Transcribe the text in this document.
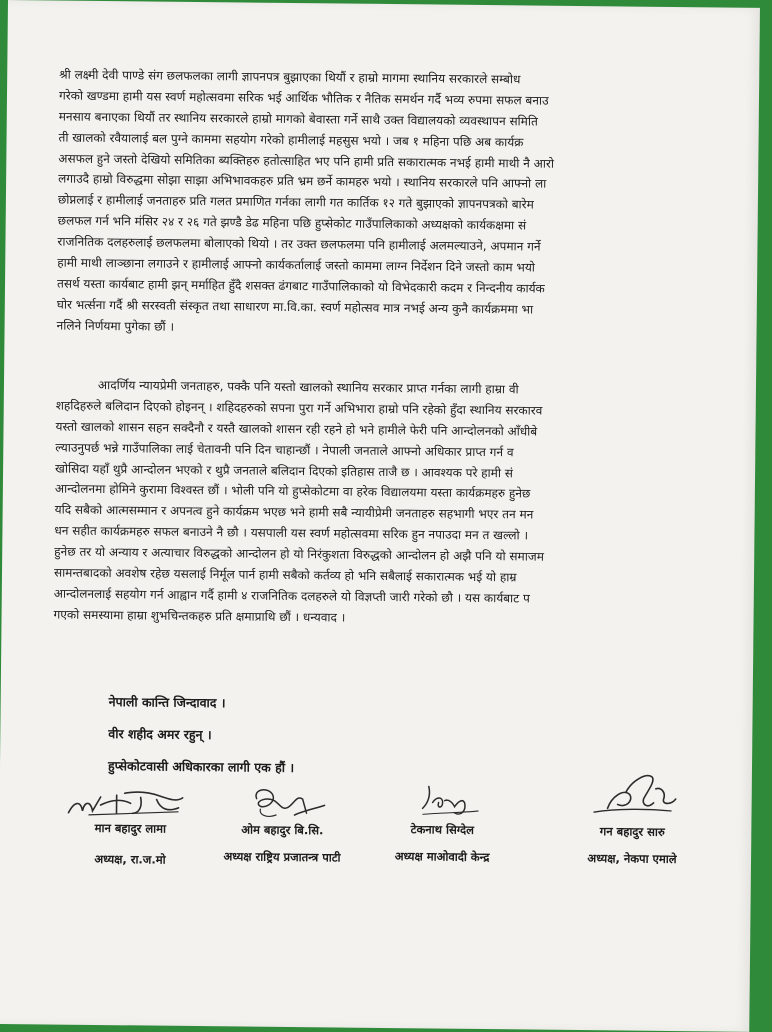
श्री लक्ष्मी देवी पाण्डे संग छलफलका लागी ज्ञापनपत्र बुझाएका थियौं र हाम्रो मागमा स्थानिय सरकारले सम्बोध
गरेको खण्डमा हामी यस स्वर्ण महोत्सवमा सरिक भई आर्थिक भौतिक र नैतिक समर्थन गर्दै भव्य रुपमा सफल बनाउ
मनसाय बनाएका थियौं तर स्थानिय सरकारले हाम्रो मागको बेवास्ता गर्ने साथै उक्त विद्यालयको व्यवस्थापन समिति
ती खालको रवैयालाई बल पुग्ने काममा सहयोग गरेको हामीलाई महसुस भयो । जब १ महिना पछि अब कार्यक्र
असफल हुने जस्तो देखियो समितिका ब्यक्तिहरु हतोत्साहित भए पनि हामी प्रति सकारात्मक नभई हामी माथी नै आरो
लगाउदै हाम्रो विरुद्धमा सोझा साझा अभिभावकहरु प्रति भ्रम छर्ने कामहरु भयो । स्थानिय सरकारले पनि आफ्नो ला
छोप्नलाई र हामीलाई जनताहरु प्रति गलत प्रमाणित गर्नका लागी गत कार्तिक १२ गते बुझाएको ज्ञापनपत्रको बारेम
छलफल गर्न भनि मंसिर २४ र २६ गते झण्डै डेढ महिना पछि हुप्सेकोट गाउँपालिकाको अध्यक्षको कार्यकक्षमा सं
राजनितिक दलहरुलाई छलफलमा बोलाएको थियो । तर उक्त छलफलमा पनि हामीलाई अलमल्याउने, अपमान गर्ने
हामी माथी लाञ्छाना लगाउने र हामीलाई आफ्नो कार्यकर्तालाई जस्तो काममा लाग्न निर्देशन दिने जस्तो काम भयो
तसर्थ यस्ता कार्यबाट हामी झन् मर्माहित हुँदै शसक्त ढंगबाट गाउँपालिकाको यो विभेदकारी कदम र निन्दनीय कार्यक
घोर भर्त्सना गर्दै श्री सरस्वती संस्कृत तथा साधारण मा.वि.का. स्वर्ण महोत्सव मात्र नभई अन्य कुनै कार्यक्रममा भा
नलिने निर्णयमा पुगेका छौं ।
आदर्णिय न्यायप्रेमी जनताहरु, पक्कै पनि यस्तो खालको स्थानिय सरकार प्राप्त गर्नका लागी हाम्रा वी
शहदिहरुले बलिदान दिएको होइनन् । शहिदहरुको सपना पुरा गर्ने अभिभारा हाम्रो पनि रहेको हुँदा स्थानिय सरकारव
यस्तो खालको शासन सहन सक्दैनौ र यस्तै खालको शासन रही रहने हो भने हामीले फेरी पनि आन्दोलनको आँधीबे
ल्याउनुपर्छ भन्ने गाउँपालिका लाई चेतावनी पनि दिन चाहान्छौं । नेपाली जनताले आफ्नो अधिकार प्राप्त गर्न व
खोसिदा यहाँ थुप्रै आन्दोलन भएको र थुप्रै जनताले बलिदान दिएको इतिहास ताजै छ । आवश्यक परे हामी सं
आन्दोलनमा होमिने कुरामा विश्वस्त छौं । भोली पनि यो हुप्सेकोटमा वा हरेक विद्यालयमा यस्ता कार्यक्रमहरु हुनेछ
यदि सबैको आत्मसम्मान र अपनत्व हुने कार्यक्रम भएछ भने हामी सबै न्यायीप्रेमी जनताहरु सहभागी भएर तन मन
धन सहीत कार्यक्रमहरु सफल बनाउने नै छौ । यसपाली यस स्वर्ण महोत्सवमा सरिक हुन नपाउदा मन त खल्लो ।
हुनेछ तर यो अन्याय र अत्याचार विरुद्धको आन्दोलन हो यो निरंकुशता विरुद्धको आन्दोलन हो अझै पनि यो समाजम
सामन्तबादको अवशेष रहेछ यसलाई निर्मूल पार्न हामी सबैको कर्तव्य हो भनि सबैलाई सकारात्मक भई यो हाम्र
आन्दोलनलाई सहयोग गर्न आह्वान गर्दै हामी ४ राजनितिक दलहरुले यो विज्ञप्ती जारी गरेको छौ । यस कार्यबाट प
गएको समस्यामा हाम्रा शुभचिन्तकहरु प्रति क्षमाप्राथि छौं । धन्यवाद ।
नेपाली कान्ति जिन्दावाद ।
वीर शहीद अमर रहुन् ।
हुप्सेकोटवासी अधिकारका लागी एक हौं ।
मान बहादुर लामा
अध्यक्ष, रा.ज.मो
ओम बहादुर बि.सि.
अध्यक्ष राष्ट्रिय प्रजातन्त्र पाटी
टेकनाथ सिग्देल
अध्यक्ष माओवादी केन्द्र
गन बहादुर सारु
अध्यक्ष, नेकपा एमाले
